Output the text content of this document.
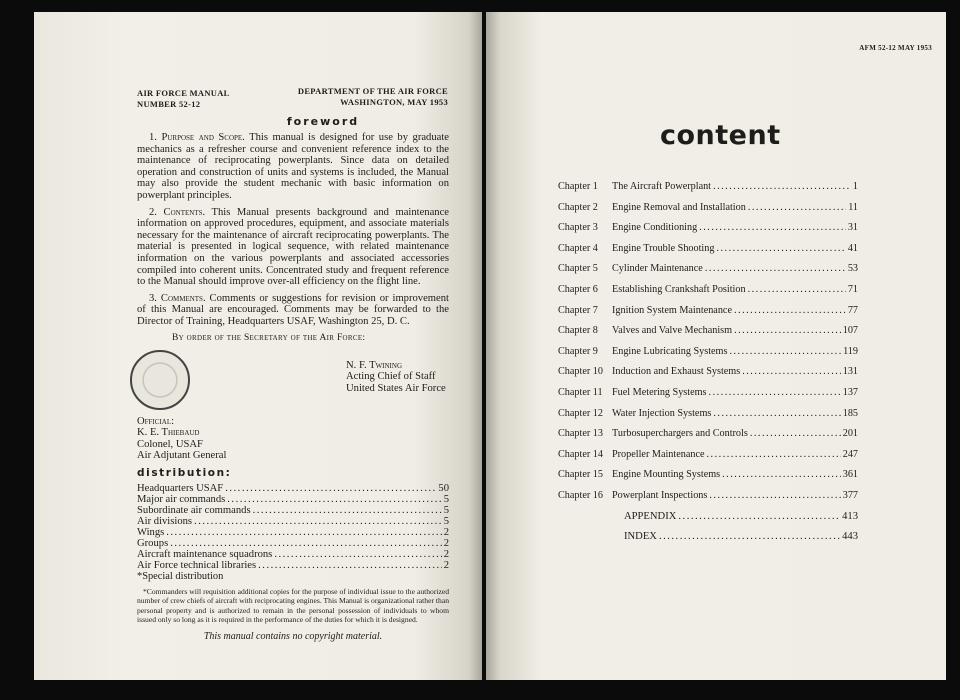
AIR FORCE MANUAL
NUMBER 52-12
DEPARTMENT OF THE AIR FORCE
WASHINGTON, MAY 1953
foreword

1. Purpose and Scope. This manual is designed for use by graduate mechanics as a refresher course and convenient reference index to the maintenance of reciprocating powerplants. Since data on detailed operation and construction of units and systems is included, the Manual may also provide the student mechanic with basic information on powerplant principles.

2. Contents. This Manual presents background and maintenance information on approved procedures, equipment, and associate materials necessary for the maintenance of aircraft reciprocating powerplants. The material is presented in logical sequence, with related maintenance information on the various powerplants and associated accessories compiled into coherent units. Concentrated study and frequent reference to the Manual should improve over-all efficiency on the flight line.

3. Comments. Comments or suggestions for revision or improvement of this Manual are encouraged. Comments may be forwarded to the Director of Training, Headquarters USAF, Washington 25, D. C.

By order of the Secretary of the Air Force:
N. F. Twining
Acting Chief of Staff
United States Air Force
Official:
K. E. Thiebaud
Colonel, USAF
Air Adjutant General
distribution:
Headquarters USAF .....	50
Major air commands .....	5
Subordinate air commands .....	5
Air divisions .....	5
Wings .....	2
Groups .....	2
Aircraft maintenance squadrons .....	2
Air Force technical libraries .....	2
*Special distribution
*Commanders will requisition additional copies for the purpose of individual issue to the authorized number of crew chiefs of aircraft with reciprocating engines. This Manual is organizational rather than personal property and is authorized to remain in the personal possession of individuals to whom issued only so long as it is required in the performance of the duties for which it is designed.
This manual contains no copyright material.
AFM 52-12 MAY 1953
content
Chapter 1	The Aircraft Powerplant .....	1
Chapter 2	Engine Removal and Installation .....	11
Chapter 3	Engine Conditioning .....	31
Chapter 4	Engine Trouble Shooting .....	41
Chapter 5	Cylinder Maintenance .....	53
Chapter 6	Establishing Crankshaft Position .....	71
Chapter 7	Ignition System Maintenance .....	77
Chapter 8	Valves and Valve Mechanism .....	107
Chapter 9	Engine Lubricating Systems .....	119
Chapter 10 Induction and Exhaust Systems .....	131
Chapter 11 Fuel Metering Systems .....	137
Chapter 12 Water Injection Systems .....	185
Chapter 13 Turbosuperchargers and Controls .....	201
Chapter 14 Propeller Maintenance .....	247
Chapter 15 Engine Mounting Systems .....	361
Chapter 16 Powerplant Inspections .....	377
APPENDIX .....	413
INDEX .....	443
